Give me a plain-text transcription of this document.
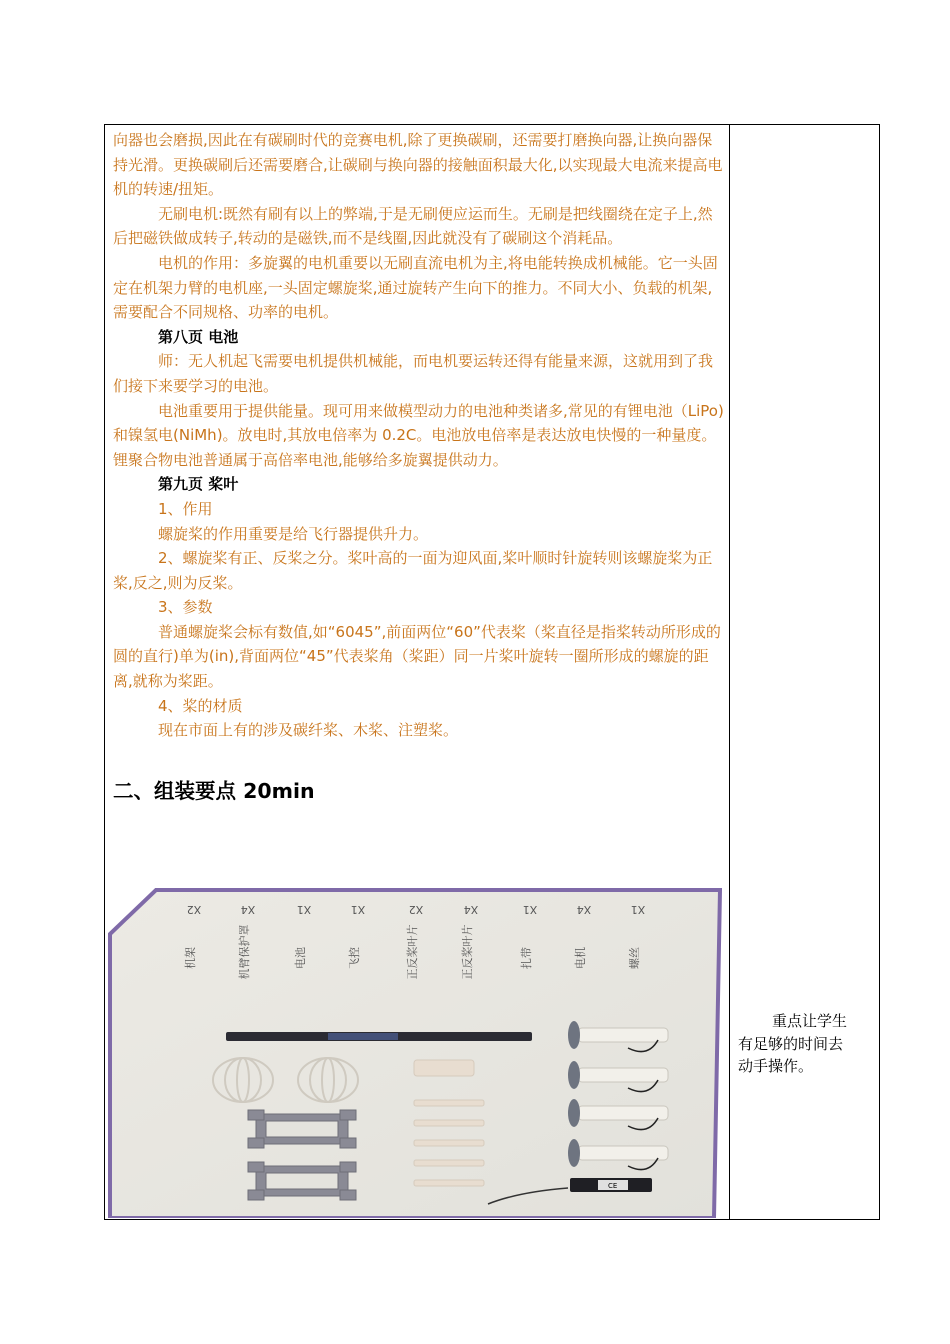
向器也会磨损,因此在有碳刷时代的竞赛电机,除了更换碳刷，还需要打磨换向器,让换向器保持光滑。更换碳刷后还需要磨合,让碳刷与换向器的接触面积最大化,以实现最大电流来提高电机的转速/扭矩。

无刷电机:既然有刷有以上的弊端,于是无刷便应运而生。无刷是把线圈绕在定子上,然后把磁铁做成转子,转动的是磁铁,而不是线圈,因此就没有了碳刷这个消耗品。

电机的作用：多旋翼的电机重要以无刷直流电机为主,将电能转换成机械能。它一头固定在机架力臂的电机座,一头固定螺旋桨,通过旋转产生向下的推力。不同大小、负载的机架,需要配合不同规格、功率的电机。

第八页 电池

师：无人机起飞需要电机提供机械能，而电机要运转还得有能量来源，这就用到了我们接下来要学习的电池。

电池重要用于提供能量。现可用来做模型动力的电池种类诸多,常见的有锂电池（LiPo)和镍氢电(NiMh)。放电时,其放电倍率为 0.2C。电池放电倍率是表达放电快慢的一种量度。锂聚合物电池普通属于高倍率电池,能够给多旋翼提供动力。

第九页 桨叶

1、作用

螺旋桨的作用重要是给飞行器提供升力。

2、螺旋桨有正、反桨之分。桨叶高的一面为迎风面,桨叶顺时针旋转则该螺旋桨为正桨,反之,则为反桨。

3、参数

普通螺旋桨会标有数值,如“6045”,前面两位“60”代表桨（桨直径是指桨转动所形成的圆的直行)单为(in),背面两位“45”代表桨角（桨距）同一片桨叶旋转一圈所形成的螺旋的距离,就称为桨距。

4、桨的材质

现在市面上有的涉及碳纤桨、木桨、注塑桨。

二、组装要点 20min

重点让学生
有足够的时间去
动手操作。
X1
螺丝
X4
电机
X1
扎带
X4
正反桨叶片
X2
正反桨叶片
X1
飞控
X1
电池
X4
机臂保护罩
X2
机架
CE
